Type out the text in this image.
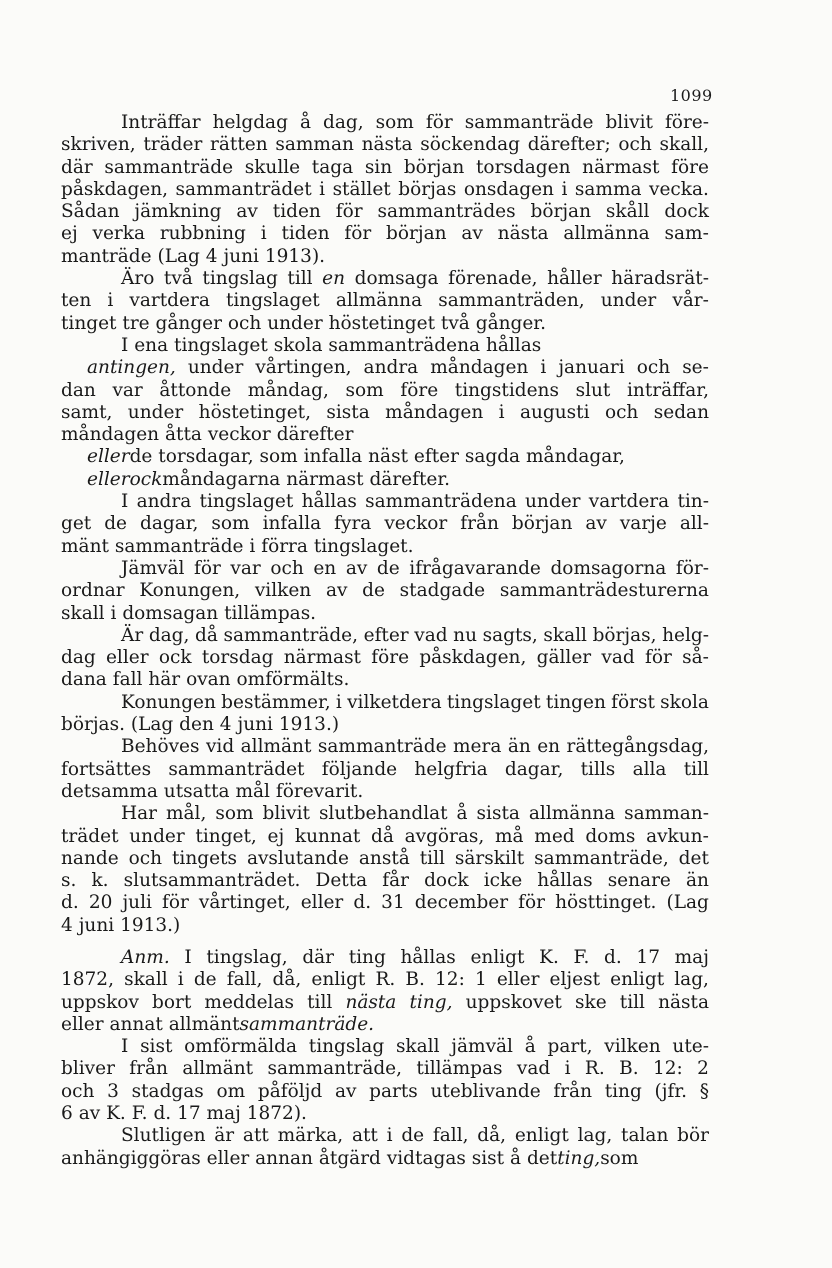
1099
Inträffar helgdag å dag, som för sammanträde blivit före-
skriven, träder rätten samman nästa söckendag därefter; och skall,
där sammanträde skulle taga sin början torsdagen närmast före
påskdagen, sammanträdet i stället börjas onsdagen i samma vecka.
Sådan jämkning av tiden för sammanträdes början skåll dock
ej verka rubbning i tiden för början av nästa allmänna sam-
manträde (Lag 4 juni 1913).
Äro två tingslag till en domsaga förenade, håller häradsrät-
ten i vartdera tingslaget allmänna sammanträden, under vår-
tinget tre gånger och under höstetinget två gånger.
I ena tingslaget skola sammanträdena hållas
antingen, under vårtingen, andra måndagen i januari och se-
dan var åttonde måndag, som före tingstidens slut inträffar,
samt, under höstetinget, sista måndagen i augusti och sedan
måndagen åtta veckor därefter
eller de torsdagar, som infalla näst efter sagda måndagar,
eller ock måndagarna närmast därefter.
I andra tingslaget hållas sammanträdena under vartdera tin-
get de dagar, som infalla fyra veckor från början av varje all-
mänt sammanträde i förra tingslaget.
Jämväl för var och en av de ifrågavarande domsagorna för-
ordnar Konungen, vilken av de stadgade sammanträdesturerna
skall i domsagan tillämpas.
Är dag, då sammanträde, efter vad nu sagts, skall börjas, helg-
dag eller ock torsdag närmast före påskdagen, gäller vad för så-
dana fall här ovan omförmälts.
Konungen bestämmer, i vilketdera tingslaget tingen först skola
börjas. (Lag den 4 juni 1913.)
Behöves vid allmänt sammanträde mera än en rättegångsdag,
fortsättes sammanträdet följande helgfria dagar, tills alla till
detsamma utsatta mål förevarit.
Har mål, som blivit slutbehandlat å sista allmänna samman-
trädet under tinget, ej kunnat då avgöras, må med doms avkun-
nande och tingets avslutande anstå till särskilt sammanträde, det
s. k. slutsammanträdet. Detta får dock icke hållas senare än
d. 20 juli för vårtinget, eller d. 31 december för hösttinget. (Lag
4 juni 1913.)
Anm. I tingslag, där ting hållas enligt K. F. d. 17 maj
1872, skall i de fall, då, enligt R. B. 12: 1 eller eljest enligt lag,
uppskov bort meddelas till nästa ting, uppskovet ske till nästa
eller annat allmänt sammanträde.
I sist omförmälda tingslag skall jämväl å part, vilken ute-
bliver från allmänt sammanträde, tillämpas vad i R. B. 12: 2
och 3 stadgas om påföljd av parts uteblivande från ting (jfr. §
6 av K. F. d. 17 maj 1872).
Slutligen är att märka, att i de fall, då, enligt lag, talan bör
anhängiggöras eller annan åtgärd vidtagas sist å det ting, som
